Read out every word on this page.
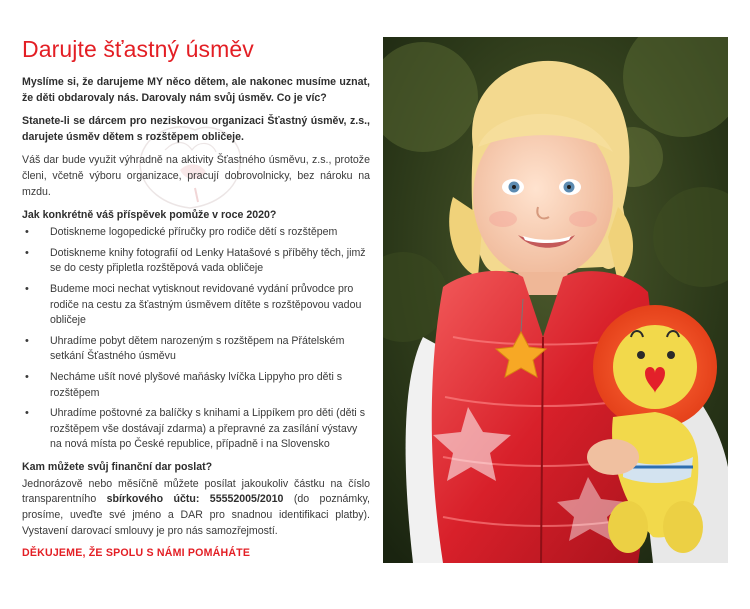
Darujte šťastný úsměv

Myslíme si, že darujeme MY něco dětem, ale nakonec musíme uznat, že děti obdarovaly nás. Darovaly nám svůj úsměv. Co je víc?

Stanete-li se dárcem pro neziskovou organizaci Šťastný úsměv, z.s., darujete úsměv dětem s rozštěpem obličeje.

Váš dar bude využit výhradně na aktivity Šťastného úsměvu, z.s., protože členi, včetně výboru organizace, pracují dobrovolnicky, bez nároku na mzdu.

Jak konkrétně váš příspěvek pomůže v roce 2020?
• Dotiskneme logopedické příručky pro rodiče dětí s rozštěpem
• Dotiskneme knihy fotografií od Lenky Hatašové s příběhy těch, jimž se do cesty připletla rozštěpová vada obličeje
• Budeme moci nechat vytisknout revidované vydání průvodce pro rodiče na cestu za šťastným úsměvem dítěte s rozštěpovou vadou obličeje
• Uhradíme pobyt dětem narozeným s rozštěpem na Přátelském setkání Šťastného úsměvu
• Necháme ušít nové plyšové maňásky lvíčka Lippyho pro děti s rozštěpem
• Uhradíme poštovné za balíčky s knihami a Lippíkem pro děti (děti s rozštěpem vše dostávají zdarma) a přepravné za zasílání výstavy na nová místa po České republice, případně i na Slovensko
Kam můžete svůj finanční dar poslat?

Jednorázově nebo měsíčně můžete posílat jakoukoliv částku na číslo transparentního sbírkového účtu: 55552005/2010 (do poznámky, prosíme, uveďte své jméno a DAR pro snadnou identifikaci platby). Vystavení darovací smlouvy je pro nás samozřejmostí.

DĚKUJEME, ŽE SPOLU S NÁMI POMÁHÁTE
